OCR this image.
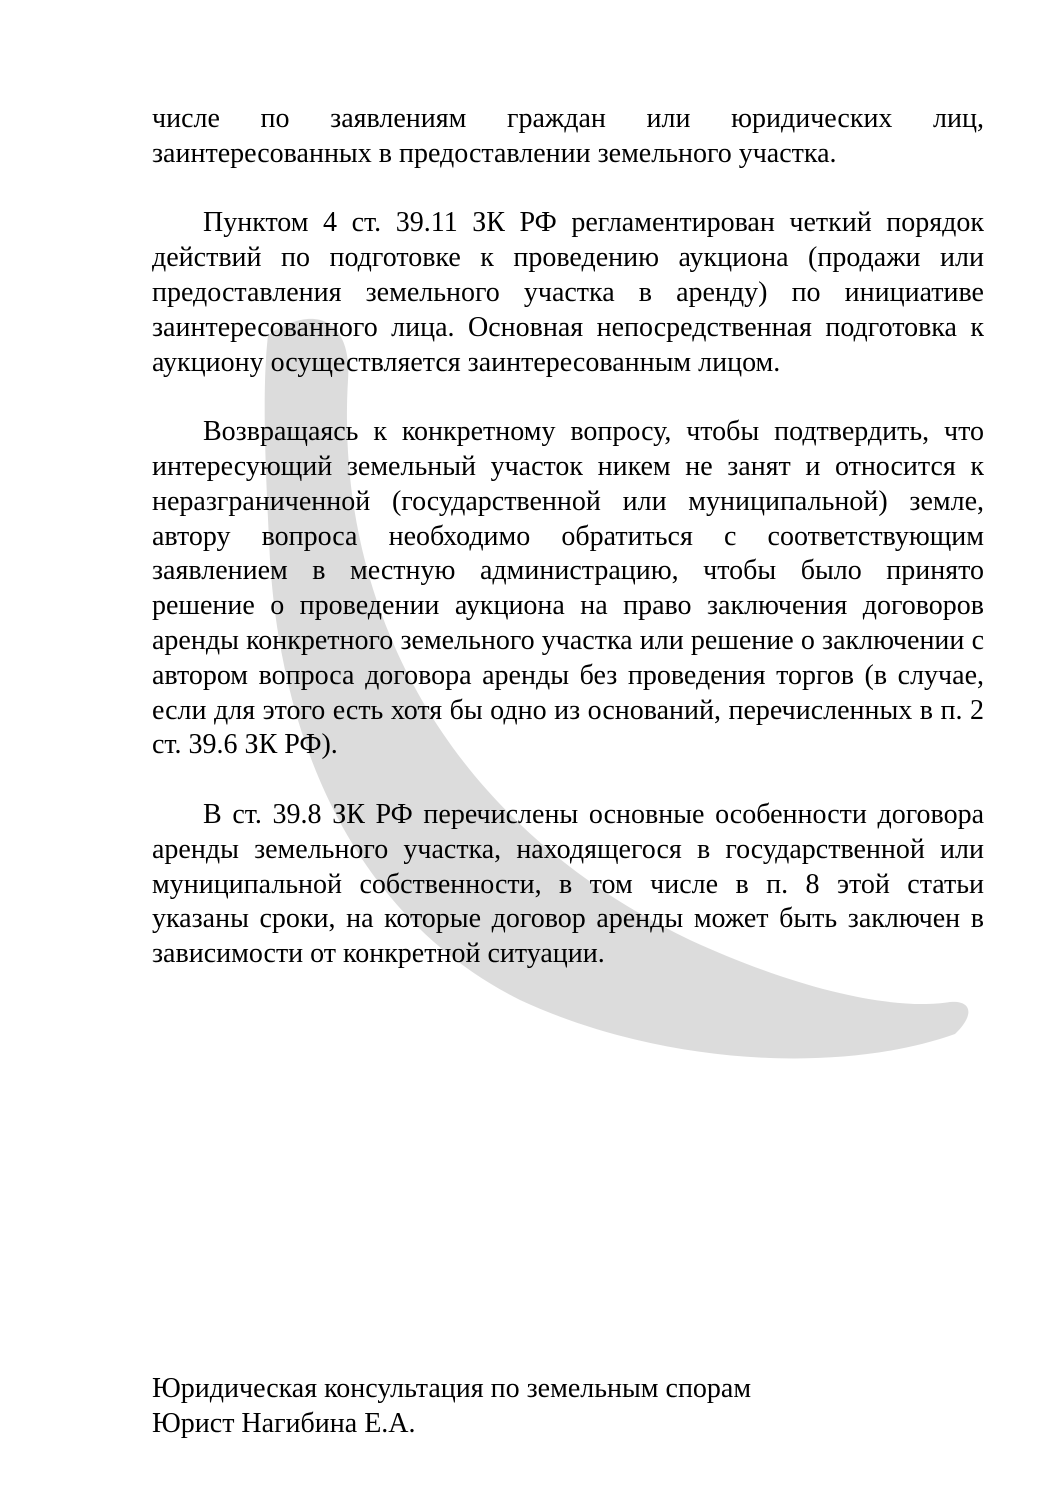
числе по заявлениям граждан или юридических лиц, заинтересованных в предоставлении земельного участка.

Пунктом 4 ст. 39.11 ЗК РФ регламентирован четкий порядок действий по подготовке к проведению аукциона (продажи или предоставления земельного участка в аренду) по инициативе заинтересованного лица. Основная непосредственная подготовка к аукциону осуществляется заинтересованным лицом.

Возвращаясь к конкретному вопросу, чтобы подтвердить, что интересующий земельный участок никем не занят и относится к неразграниченной (государственной или муниципальной) земле, автору вопроса необходимо обратиться с соответствующим заявлением в местную администрацию, чтобы было принято решение о проведении аукциона на право заключения договоров аренды конкретного земельного участка или решение о заключении с автором вопроса договора аренды без проведения торгов (в случае, если для этого есть хотя бы одно из оснований, перечисленных в п. 2 ст. 39.6 ЗК РФ).

В ст. 39.8 ЗК РФ перечислены основные особенности договора аренды земельного участка, находящегося в государственной или муниципальной собственности, в том числе в п. 8 этой статьи указаны сроки, на которые договор аренды может быть заключен в зависимости от конкретной ситуации.

Юридическая консультация по земельным спорам
Юрист Нагибина Е.А.
